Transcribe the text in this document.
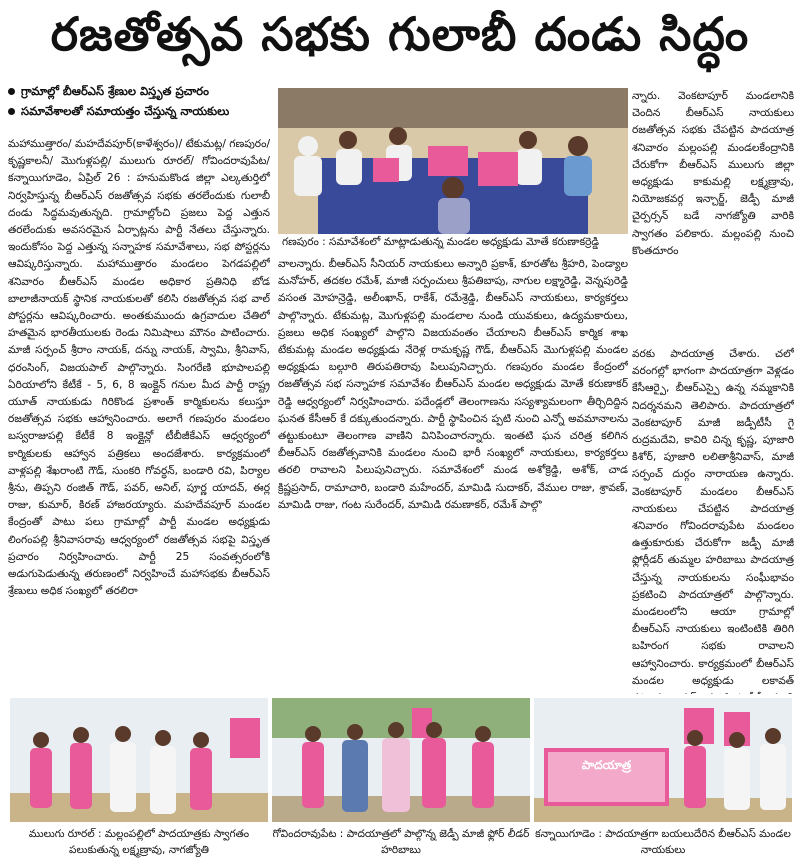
రజతోత్సవ సభకు గులాబీ దండు సిద్ధం
గ్రామాల్లో బీఆర్ఎస్ శ్రేణుల విస్తృత ప్రచారం
సమావేశాలతో సమాయత్తం చేస్తున్న నాయకులు

మహాముత్తారం/ మహదేవపూర్(కాళేశ్వరం)/ టేకుమట్ల/ గణపురం/ కృష్ణకాలనీ/ మొగుళ్లపల్లి/ ములుగు రూరల్/ గోవిందరావుపేట/ కన్నాయిగూడెం, ఏప్రిల్ 26 : హనుమకొండ జిల్లా ఎల్కతుర్తిలో నిర్వహిస్తున్న బీఆర్ఎస్ రజతోత్సవ సభకు తరలేందుకు గులాబీ దండు సిద్ధమవుతున్నది. గ్రామాల్లోంచి ప్రజలు పెద్ద ఎత్తున తరలేందుకు అవసరమైన ఏర్పాట్లను పార్టీ నేతలు చేస్తున్నారు. ఇందుకోసం పెద్ద ఎత్తున్న సన్నాహక సమావేశాలు, సభ పోస్టర్లను ఆవిష్కరిస్తున్నారు. మహాముత్తారం మండలం పెగడపల్లిలో శనివారం బీఆర్ఎస్ మండల అధికార ప్రతినిధి బోడ బాలాజీనాయక్ స్థానిక నాయకులతో కలిసి రజతోత్సవ సభ వాల్ పోస్టర్లను ఆవిష్కరించారు. అంతకుముందు ఉగ్రవాదుల చేతిలో హతమైన భారతీయులకు రెండు నిమిషాలు మౌనం పాటించారు. మాజీ సర్పంచ్ శ్రీరాం నాయక్, దన్ను నాయక్, స్వామి, శ్రీనివాస్, ధరంసింగ్, విజయపాల్ పాల్గొన్నారు. సింగరేణి భూపాలపల్లి ఏరియాలోని కేటీకే - 5, 6, 8 ఇంక్లైన్ గనుల మీద పార్టీ రాష్ట్ర యూత్ నాయకుడు గిరికొండ ప్రశాంత్ కార్మికులను కలుస్తూ రజతోత్సవ సభకు ఆహ్వానించారు. అలాగే గణపురం మండలం బస్వరాజుపల్లి కేటీకే 8 ఇంక్లైన్లో టీబీజీకేఎస్ ఆధ్వర్యంలో కార్మికులకు ఆహ్వాన పత్రికలు అందజేశారు. కార్యక్రమంలో వాళ్లపల్లి శేఖరాంటి గౌడ్, సుంకరి గోవర్ధన్, బండారి రవి, పిర్యాల శ్రీను, తిప్పని రంజిత్ గౌడ్, పవర్, అనిల్, పూర్ణ యాదవ్, ఈర్ల రాజు, కుమార్, కిరణ్ హాజరయ్యారు. మహదేవపూర్ మండల కేంద్రంతో పాటు పలు గ్రామాల్లో పార్టీ మండల అధ్యక్షుడు లింగంపల్లి శ్రీనివాసరావు ఆధ్వర్యంలో రజతోత్సవ సభపై విస్తృత ప్రచారం నిర్వహించారు. పార్టీ 25 సంవత్సరంలోకి అడుగుపెడుతున్న తరుణంలో నిర్వహించే మహాసభకు బీఆర్ఎస్ శ్రేణులు అధిక సంఖ్యలో తరలిరా

గణపురం : సమావేశంలో మాట్లాడుతున్న మండల అధ్యక్షుడు మోతే కరుణాకర్రెడ్డి

వాలన్నారు. బీఆర్ఎస్ సీనియర్ నాయకులు అన్నారి ప్రకాశ్, కూరతోట శ్రీహరి, పెండ్యాల మనోహర్, తదకల రమేశ్, మాజీ సర్పంచులు శ్రీపతిబాపు, నాగుల లక్ష్మారెడ్డి, వెన్నపురెడ్డి వసంత మోహన్రెడ్డి, అలీంఖాన్, రాకేశ్, రమేశ్రెడ్డి, బీఆర్ఎస్ నాయకులు, కార్యకర్తలు పాల్గొన్నారు. టేకుమట్ల, మొగుళ్లపల్లి మండలాల నుండి యువకులు, ఉద్యమకారులు, ప్రజలు అధిక సంఖ్యలో పాల్గొని విజయవంతం చేయాలని బీఆర్ఎస్ కార్మిక శాఖ టేకుమట్ల మండల అధ్యక్షుడు నేరెళ్ల రామకృష్ణ గౌడ్, బీఆర్ఎస్ మొగుళ్లపల్లి మండల అధ్యక్షుడు బల్గూరి తిరుపతిరావు పిలుపునిచ్చారు. గణపురం మండల కేంద్రంలో రజతోత్సవ సభ సన్నాహక సమావేశం బీఆర్ఎస్ మండల అధ్యక్షుడు మోతే కరుణాకర్ రెడ్డి ఆధ్వర్యంలో నిర్వహించారు. పదేండ్లలో తెలంగాణను సస్యశ్యామలంగా తీర్చిదిద్దిన ఘనత కేసీఆర్ కే దక్కుతుందన్నారు. పార్టీ స్థాపించిన ప్పటి నుంచి ఎన్నో అవమానాలను తట్టుకుంటూ తెలంగాణ వాణిని వినిపించారన్నారు. ఇంతటి ఘన చరిత్ర కలిగిన బీఆర్ఎస్ రజతోత్సవానికి మండలం నుంచి భారీ సంఖ్యలో నాయకులు, కార్యకర్తలు తరలి రావాలని పిలుపునిచ్చారు. సమావేశంలో మండ అశోక్రెడ్డి, అశోక్, చాడ క్రిష్ణప్రసాద్, రామాచారి, బండారి మహేందర్, మామిడి సుదాకర్, వేముల రాజు, శ్రావణ్, మామిడి రాజు, గంట సురేందర్, మామిడి రమణాకర్, రమేశ్ పాల్గొ

న్నారు. వెంకటాపూర్ మండలానికి చెందిన బీఆర్ఎస్ నాయకులు రజతోత్సవ సభకు చేపట్టిన పాదయాత్ర శనివారం మల్లంపల్లి మండలకేంద్రానికి చేరుకోగా బీఆర్ఎస్ ములుగు జిల్లా అధ్యక్షుడు కాకుమల్లి లక్ష్మణ్రావు, నియోజకవర్గ ఇన్చార్జ్, జెడ్పీ మాజీ చైర్పర్సన్ బడే నాగజ్యోతి వారికి స్వాగతం పలికారు. మల్లంపల్లి నుంచి కొంతదూరం

వరకు పాదయాత్ర చేశారు. చలో వరంగల్లో భాగంగా పాదయాత్రగా వెళ్లడం కేసీఆర్పై, బీఆర్ఎస్పై ఉన్న నమ్మకానికి నిదర్శనమని తెలిపారు. పాదయాత్రలో వెంకటాపూర్ మాజీ జడ్పీటీసీ గై రుద్రమదేవి, కావిరి చిన్న కృష్ణ, పూజారి కిశోర్, పూజారి లలితాశ్రీనివాస్, మాజీ సర్పంచ్ దుర్గం నారాయణ ఉన్నారు. వెంకటాపూర్ మండలం బీఆర్ఎస్ నాయకులు చేపట్టిన పాదయాత్ర శనివారం గోవిందరావుపేట మండలం ఉత్తుకూరుకు చేరుకోగా జడ్పీ మాజీ ఫ్లోర్లీడర్ తుమ్మల హరిబాబు పాదయాత్ర చేస్తున్న నాయకులను సంఘీభావం ప్రకటించి పాదయాత్రలో పాల్గొన్నారు. మండలంలోని ఆయా గ్రామాల్లో బీఆర్ఎస్ నాయకులు ఇంటింటికి తిరిగి బహిరంగ సభకు రావాలని ఆహ్వానించారు. కార్యక్రమంలో బీఆర్ఎస్ మండల అధ్యక్షుడు లకావత్

పాదయాత్ర
ములుగు రూరల్ : మల్లంపల్లిలో పాదయాత్రకు స్వాగతం పలుకుతున్న లక్ష్మణ్రావు, నాగజ్యోతి
గోవిందరావుపేట : పాదయాత్రలో పాల్గొన్న జెడ్పీ మాజీ ఫ్లోర్ లీడర్ హరిబాబు
కన్నాయిగూడెం : పాదయాత్రగా బయలుదేరిన బీఆర్ఎస్ మండల నాయకులు
